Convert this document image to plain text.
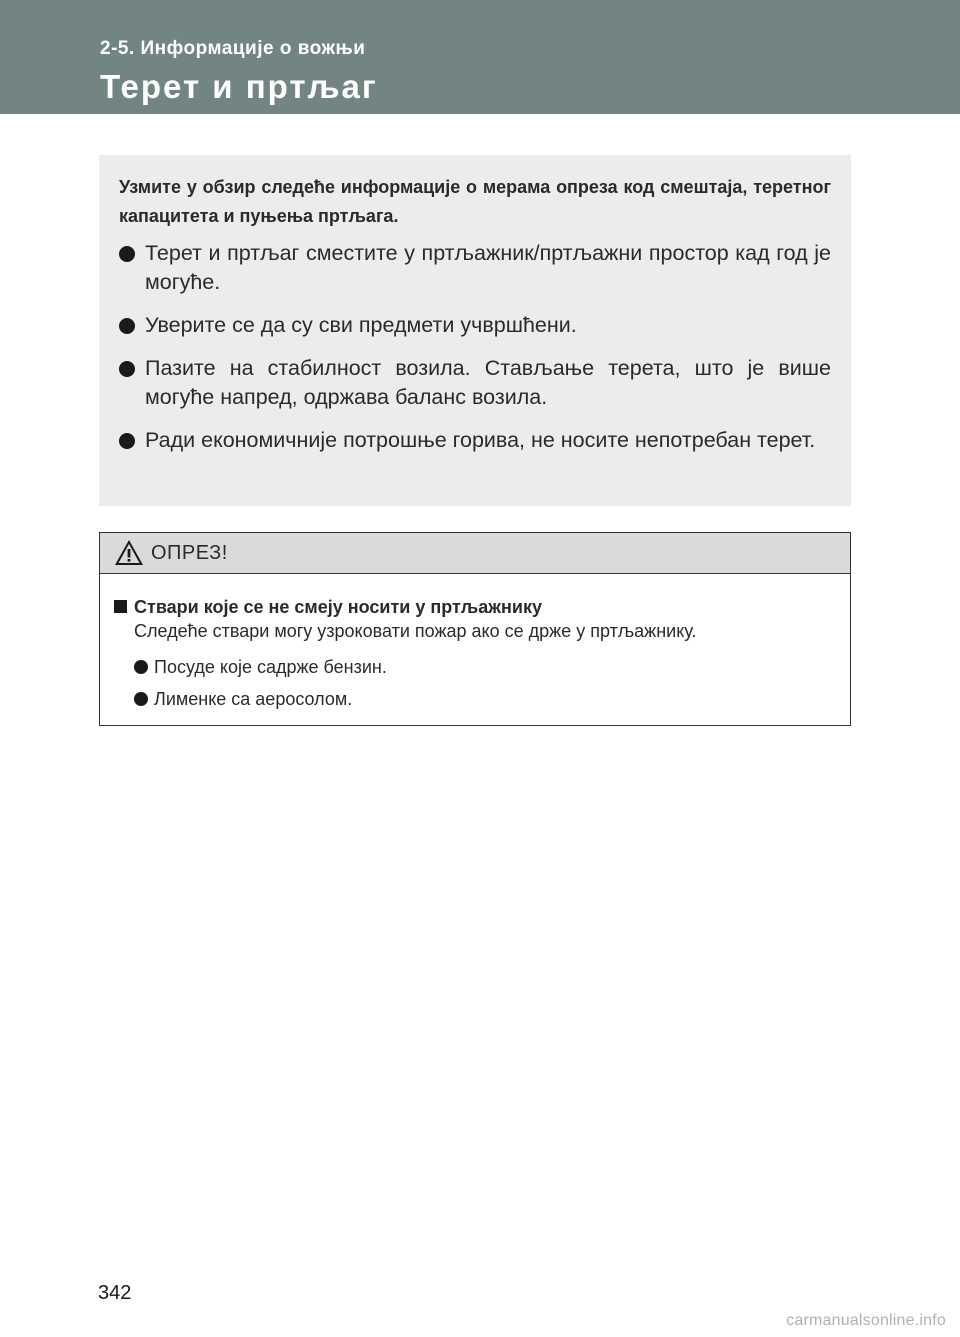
2-5. Информације о вожњи
Терет и пртљаг

Узмите у обзир следеће информације о мерама опреза код смештаја, теретног капацитета и пуњења пртљага.

Терет и пртљаг сместите у пртљажник/пртљажни простор кад год је могуће.
Уверите се да су сви предмети учвршћени.
Пазите на стабилност возила. Стављање терета, што је више могуће напред, одржава баланс возила.
Ради економичније потрошње горива, не носите непотребан терет.
ОПРЕЗ!
Ствари које се не смеју носити у пртљажнику
Следеће ствари могу узроковати пожар ако се држе у пртљажнику.
Посуде које садрже бензин.
Лименке са аеросолом.
342
carmanualsonline.info
